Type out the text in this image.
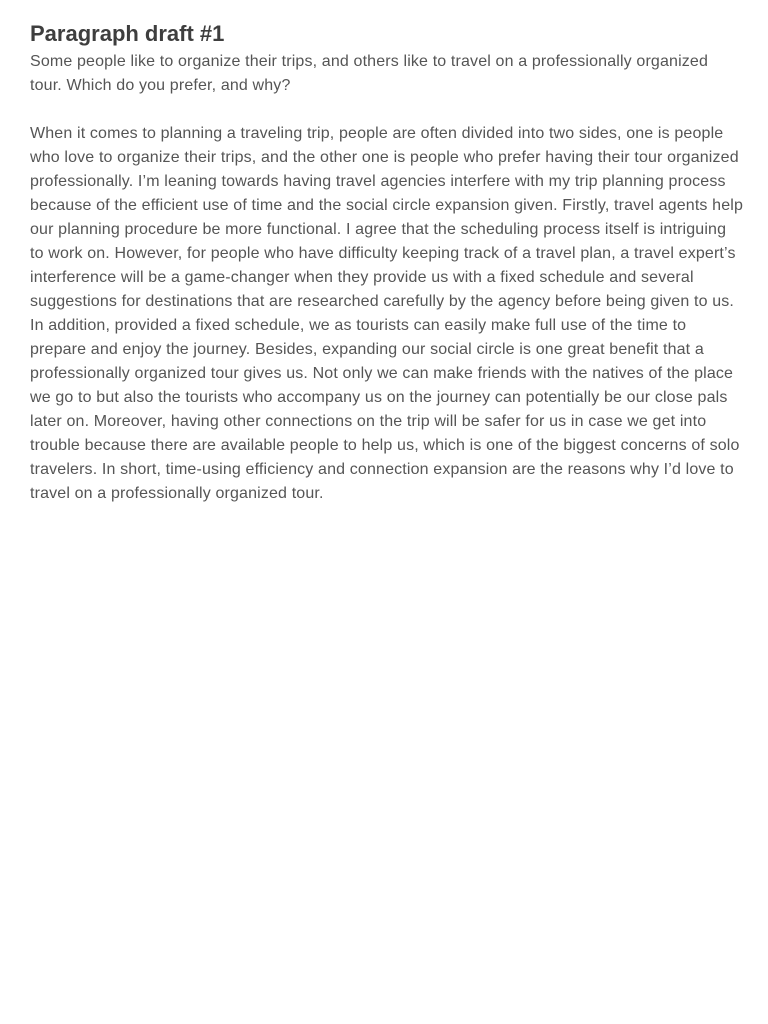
Paragraph draft #1

Some people like to organize their trips, and others like to travel on a professionally organized tour. Which do you prefer, and why?

When it comes to planning a traveling trip, people are often divided into two sides, one is people who love to organize their trips, and the other one is people who prefer having their tour organized professionally. I’m leaning towards having travel agencies interfere with my trip planning process because of the efficient use of time and the social circle expansion given. Firstly, travel agents help our planning procedure be more functional. I agree that the scheduling process itself is intriguing to work on. However, for people who have difficulty keeping track of a travel plan, a travel expert’s interference will be a game-changer when they provide us with a fixed schedule and several suggestions for destinations that are researched carefully by the agency before being given to us. In addition, provided a fixed schedule, we as tourists can easily make full use of the time to prepare and enjoy the journey. Besides, expanding our social circle is one great benefit that a professionally organized tour gives us. Not only we can make friends with the natives of the place we go to but also the tourists who accompany us on the journey can potentially be our close pals later on. Moreover, having other connections on the trip will be safer for us in case we get into trouble because there are available people to help us, which is one of the biggest concerns of solo travelers. In short, time-using efficiency and connection expansion are the reasons why I’d love to travel on a professionally organized tour.
